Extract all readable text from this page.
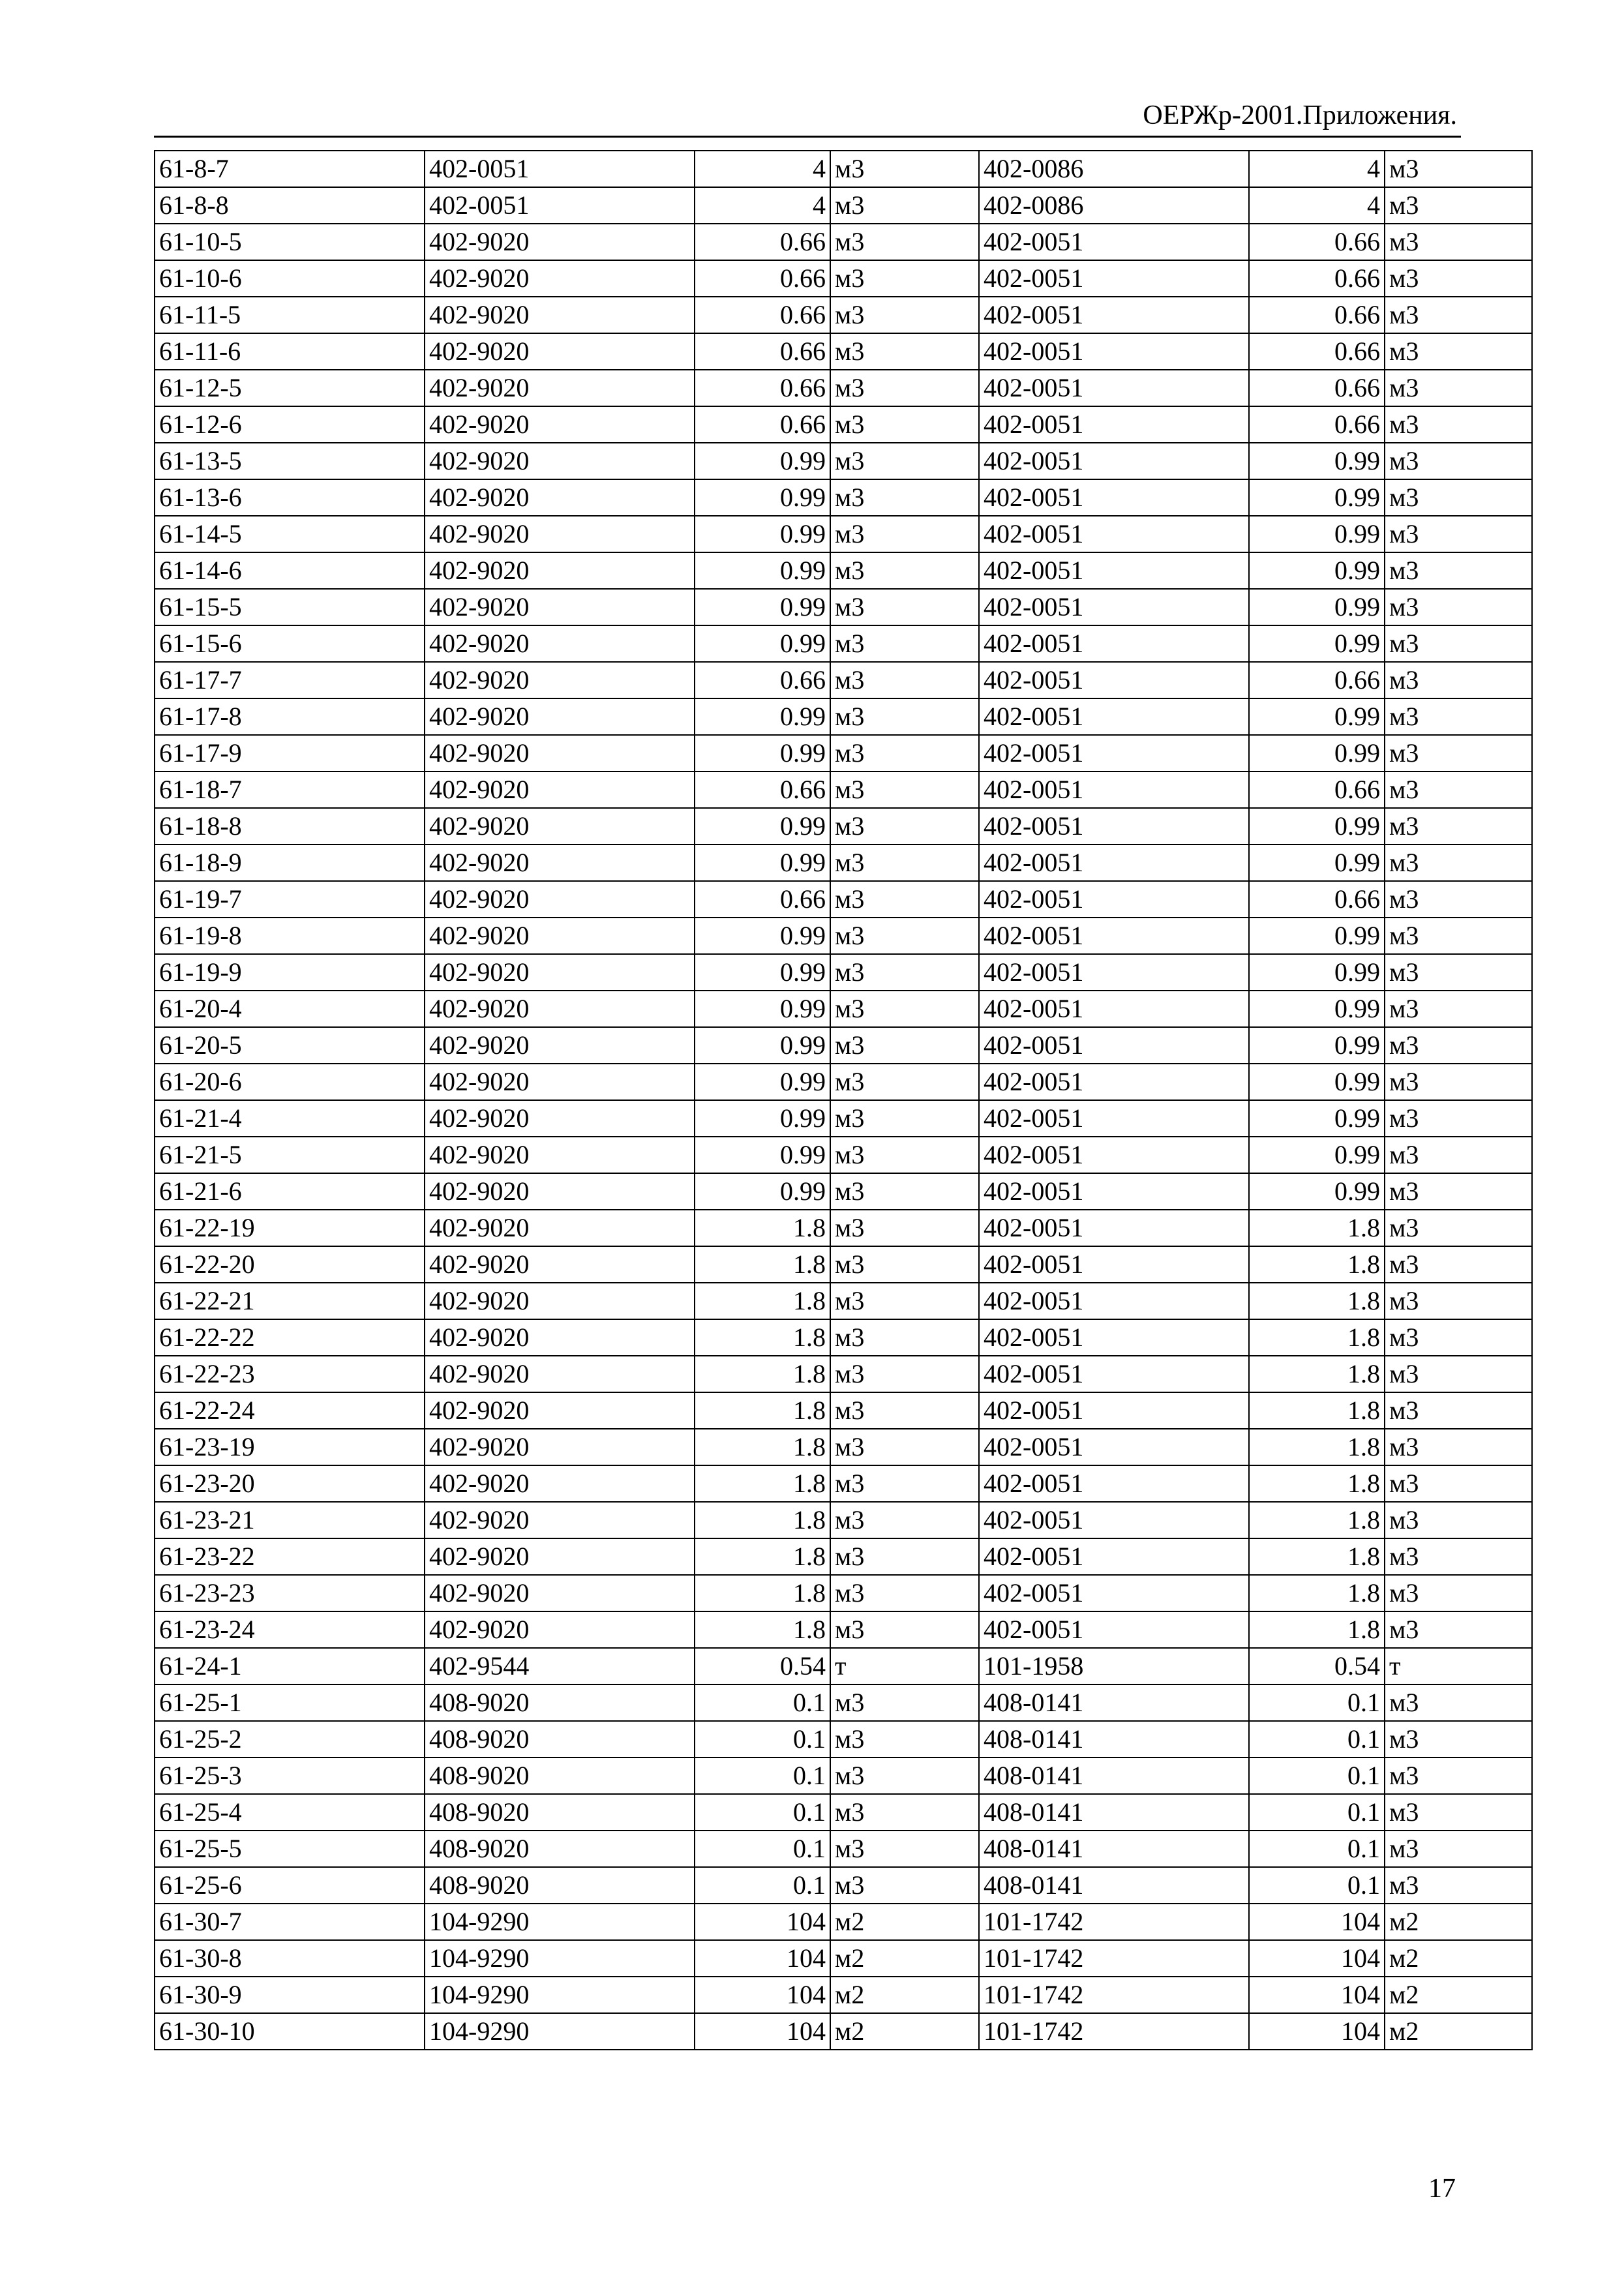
ОЕРЖр-2001.Приложения.
61-8-7	402-0051	4	м3	402-0086	4	м3
61-8-8	402-0051	4	м3	402-0086	4	м3
61-10-5	402-9020	0.66	м3	402-0051	0.66	м3
61-10-6	402-9020	0.66	м3	402-0051	0.66	м3
61-11-5	402-9020	0.66	м3	402-0051	0.66	м3
61-11-6	402-9020	0.66	м3	402-0051	0.66	м3
61-12-5	402-9020	0.66	м3	402-0051	0.66	м3
61-12-6	402-9020	0.66	м3	402-0051	0.66	м3
61-13-5	402-9020	0.99	м3	402-0051	0.99	м3
61-13-6	402-9020	0.99	м3	402-0051	0.99	м3
61-14-5	402-9020	0.99	м3	402-0051	0.99	м3
61-14-6	402-9020	0.99	м3	402-0051	0.99	м3
61-15-5	402-9020	0.99	м3	402-0051	0.99	м3
61-15-6	402-9020	0.99	м3	402-0051	0.99	м3
61-17-7	402-9020	0.66	м3	402-0051	0.66	м3
61-17-8	402-9020	0.99	м3	402-0051	0.99	м3
61-17-9	402-9020	0.99	м3	402-0051	0.99	м3
61-18-7	402-9020	0.66	м3	402-0051	0.66	м3
61-18-8	402-9020	0.99	м3	402-0051	0.99	м3
61-18-9	402-9020	0.99	м3	402-0051	0.99	м3
61-19-7	402-9020	0.66	м3	402-0051	0.66	м3
61-19-8	402-9020	0.99	м3	402-0051	0.99	м3
61-19-9	402-9020	0.99	м3	402-0051	0.99	м3
61-20-4	402-9020	0.99	м3	402-0051	0.99	м3
61-20-5	402-9020	0.99	м3	402-0051	0.99	м3
61-20-6	402-9020	0.99	м3	402-0051	0.99	м3
61-21-4	402-9020	0.99	м3	402-0051	0.99	м3
61-21-5	402-9020	0.99	м3	402-0051	0.99	м3
61-21-6	402-9020	0.99	м3	402-0051	0.99	м3
61-22-19	402-9020	1.8	м3	402-0051	1.8	м3
61-22-20	402-9020	1.8	м3	402-0051	1.8	м3
61-22-21	402-9020	1.8	м3	402-0051	1.8	м3
61-22-22	402-9020	1.8	м3	402-0051	1.8	м3
61-22-23	402-9020	1.8	м3	402-0051	1.8	м3
61-22-24	402-9020	1.8	м3	402-0051	1.8	м3
61-23-19	402-9020	1.8	м3	402-0051	1.8	м3
61-23-20	402-9020	1.8	м3	402-0051	1.8	м3
61-23-21	402-9020	1.8	м3	402-0051	1.8	м3
61-23-22	402-9020	1.8	м3	402-0051	1.8	м3
61-23-23	402-9020	1.8	м3	402-0051	1.8	м3
61-23-24	402-9020	1.8	м3	402-0051	1.8	м3
61-24-1	402-9544	0.54	т	101-1958	0.54	т
61-25-1	408-9020	0.1	м3	408-0141	0.1	м3
61-25-2	408-9020	0.1	м3	408-0141	0.1	м3
61-25-3	408-9020	0.1	м3	408-0141	0.1	м3
61-25-4	408-9020	0.1	м3	408-0141	0.1	м3
61-25-5	408-9020	0.1	м3	408-0141	0.1	м3
61-25-6	408-9020	0.1	м3	408-0141	0.1	м3
61-30-7	104-9290	104	м2	101-1742	104	м2
61-30-8	104-9290	104	м2	101-1742	104	м2
61-30-9	104-9290	104	м2	101-1742	104	м2
61-30-10	104-9290	104	м2	101-1742	104	м2
17
